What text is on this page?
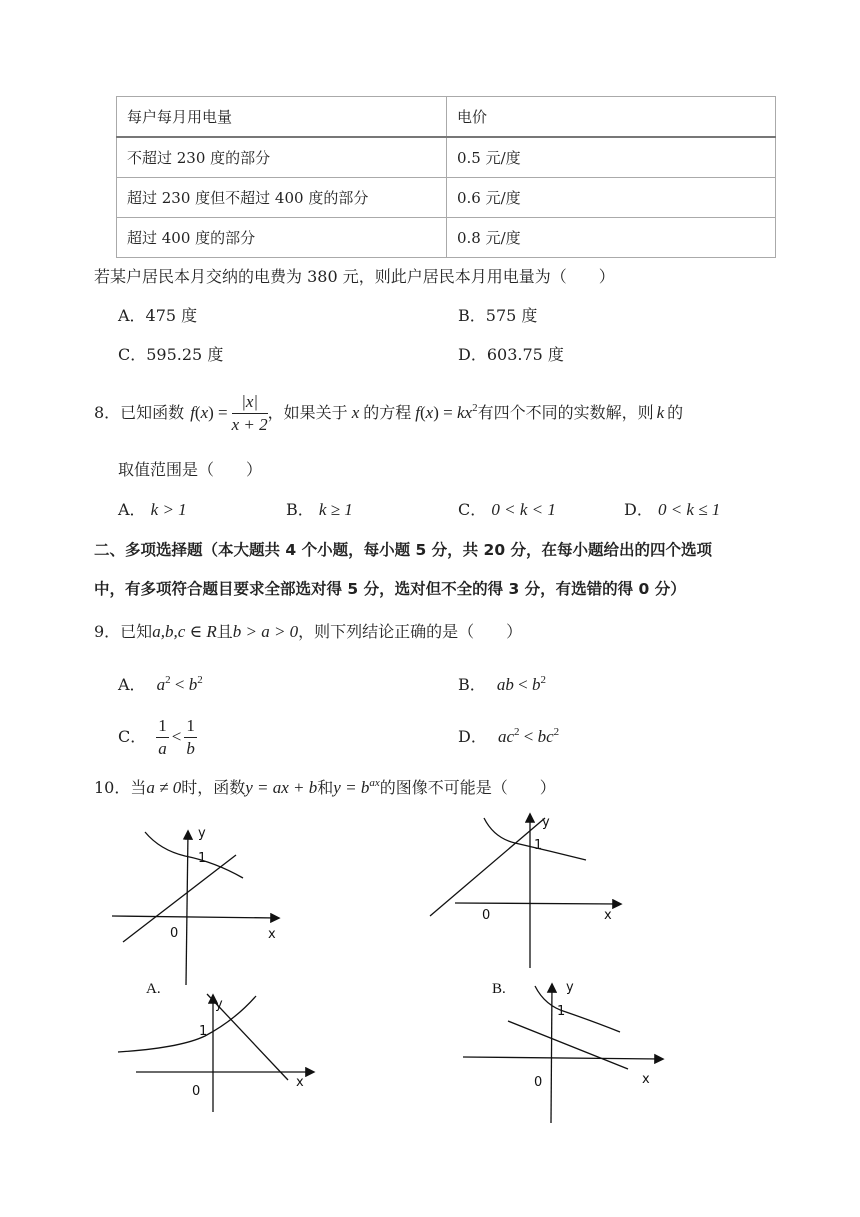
每户每月用电量	电价
不超过 230 度的部分	0.5 元/度
超过 230 度但不超过 400 度的部分	0.6 元/度
超过 400 度的部分	0.8 元/度
若某户居民本月交纳的电费为 380 元，则此户居民本月用电量为（　　）
A．475 度	B．575 度
C．595.25 度	D．603.75 度
8．已知函数 f ( x ) = $\frac{|x|}{x + 2}$ ，如果关于 x 的方程 $f(x) = kx^2$ 有四个不同的实数解，则 k 的
取值范围是（　　）
A． k > 1	B． k ≥ 1	C． 0 < k < 1	D． 0 < k ≤ 1
二、多项选择题（本大题共 4 个小题，每小题 5 分，共 20 分，在每小题给出的四个选项
中，有多项符合题目要求全部选对得 5 分，选对但不全的得 3 分，有选错的得 0 分）
9．已知a,b,c ∈ R且b > a > 0，则下列结论正确的是（　　）
A． $a^2 < b^2$	B． ab < $b^2$
C． $\frac{1}{a} < \frac{1}{b}$	D． $ac^2 < bc^2$
10．当a ≠ 0时，函数y = ax + b和$y = b^{ax}$的图像不可能是（　　）
y
1
0	x
A.
y
1
0	x
B.
y
1
0
x
y
1
0	x
